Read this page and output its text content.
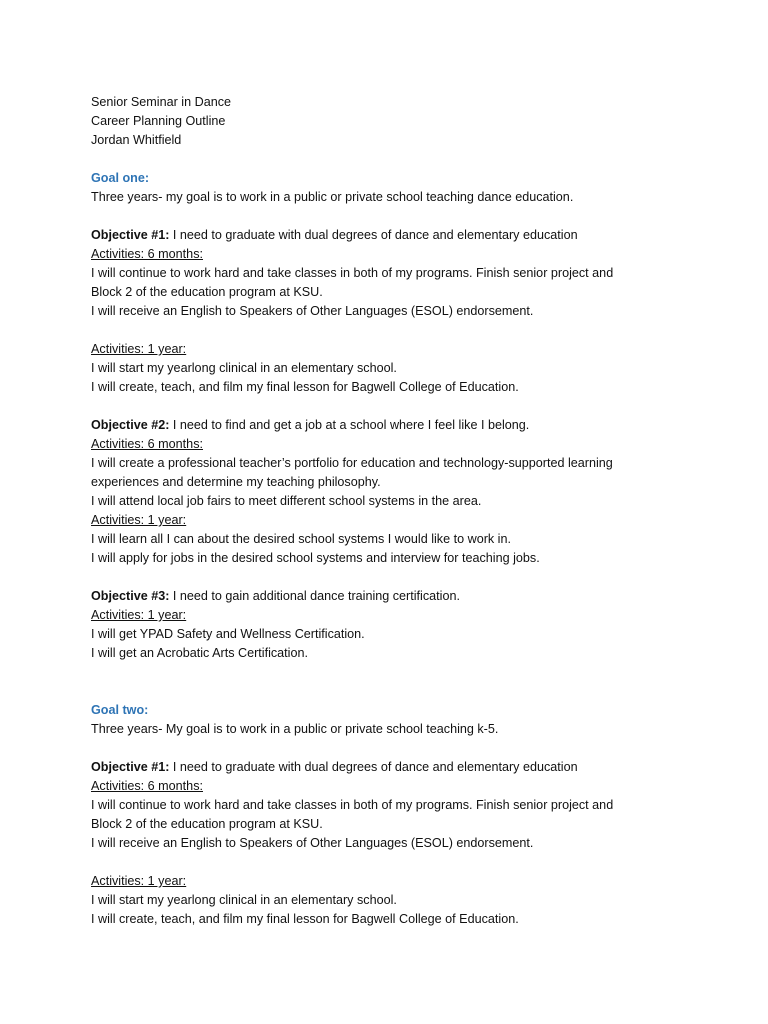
Senior Seminar in Dance
Career Planning Outline
Jordan Whitfield
Goal one:
Three years- my goal is to work in a public or private school teaching dance education.
Objective #1: I need to graduate with dual degrees of dance and elementary education
Activities: 6 months:
I will continue to work hard and take classes in both of my programs. Finish senior project and
Block 2 of the education program at KSU.
I will receive an English to Speakers of Other Languages (ESOL) endorsement.
Activities: 1 year:
I will start my yearlong clinical in an elementary school.
I will create, teach, and film my final lesson for Bagwell College of Education.
Objective #2: I need to find and get a job at a school where I feel like I belong.
Activities: 6 months:
I will create a professional teacher’s portfolio for education and technology-supported learning
experiences and determine my teaching philosophy.
I will attend local job fairs to meet different school systems in the area.
Activities: 1 year:
I will learn all I can about the desired school systems I would like to work in.
I will apply for jobs in the desired school systems and interview for teaching jobs.
Objective #3: I need to gain additional dance training certification.
Activities: 1 year:
I will get YPAD Safety and Wellness Certification.
I will get an Acrobatic Arts Certification.
Goal two:
Three years- My goal is to work in a public or private school teaching k-5.
Objective #1: I need to graduate with dual degrees of dance and elementary education
Activities: 6 months:
I will continue to work hard and take classes in both of my programs. Finish senior project and
Block 2 of the education program at KSU.
I will receive an English to Speakers of Other Languages (ESOL) endorsement.
Activities: 1 year:
I will start my yearlong clinical in an elementary school.
I will create, teach, and film my final lesson for Bagwell College of Education.
